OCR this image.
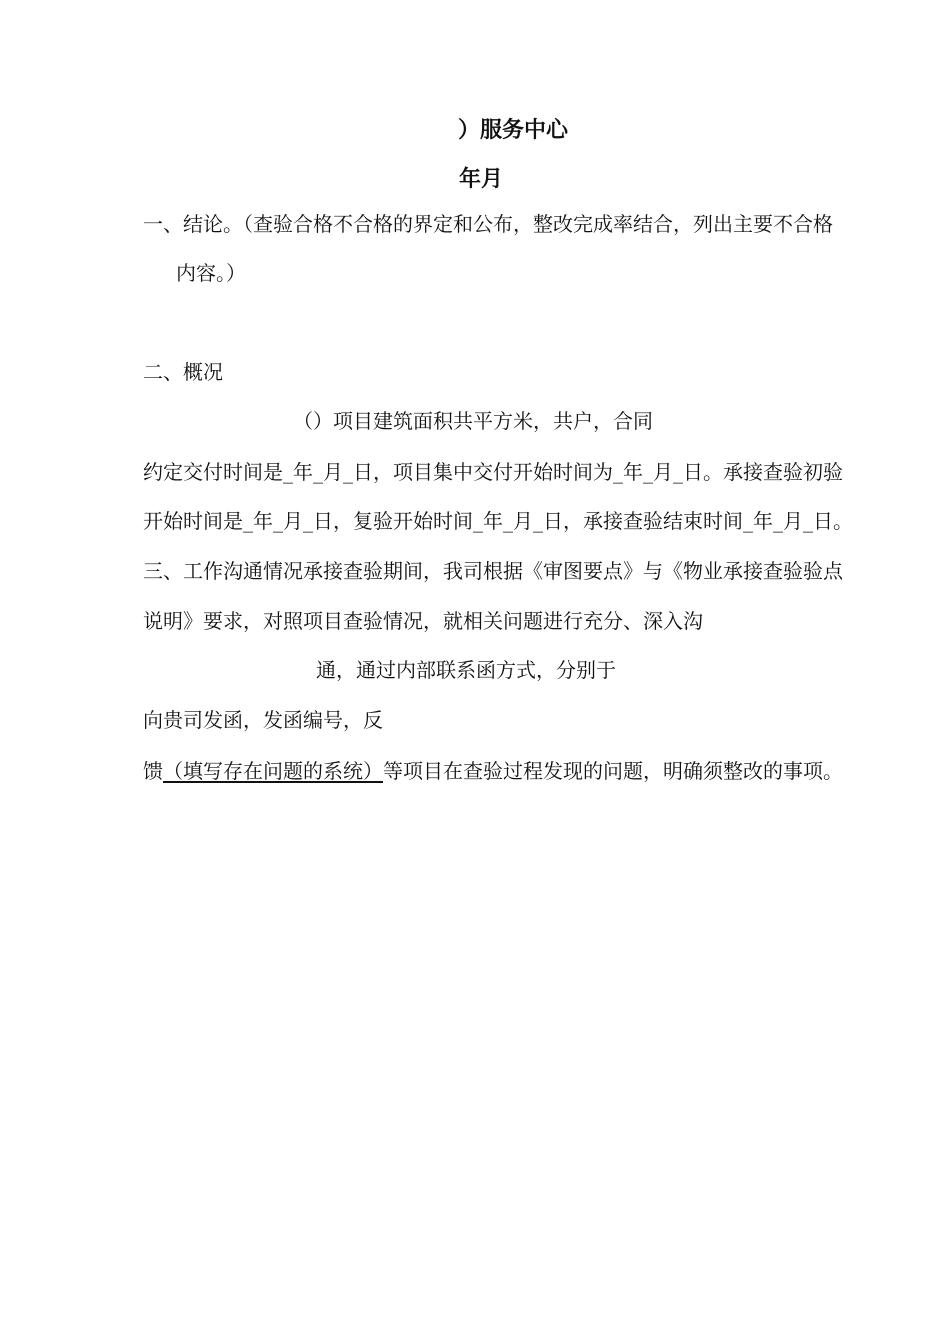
）服务中心
年月
一、结论。（查验合格不合格的界定和公布，整改完成率结合，列出主要不合格
内容。）
二、概况
（）项目建筑面积共平方米，共户，合同
约定交付时间是_年_月_日，项目集中交付开始时间为_年_月_日。承接查验初验
开始时间是_年_月_日，复验开始时间_年_月_日，承接查验结束时间_年_月_日。
三、工作沟通情况承接查验期间，我司根据《审图要点》与《物业承接查验验点
说明》要求，对照项目查验情况，就相关问题进行充分、深入沟
通，通过内部联系函方式，分别于
向贵司发函，发函编号，反
馈（填写存在问题的系统）等项目在查验过程发现的问题，明确须整改的事项。
